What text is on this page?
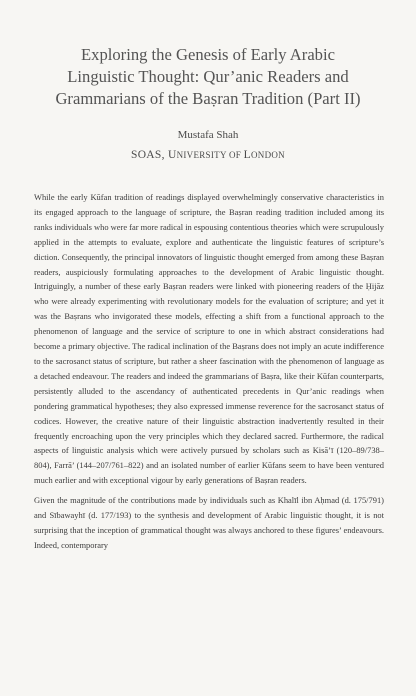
Exploring the Genesis of Early Arabic
Linguistic Thought: Qur’anic Readers and
Grammarians of the Baṣran Tradition (Part II)
Mustafa Shah
SOAS, UNIVERSITY OF LONDON

While the early Kūfan tradition of readings displayed overwhelmingly conservative characteristics in its engaged approach to the language of scripture, the Baṣran reading tradition included among its ranks individuals who were far more radical in espousing contentious theories which were scrupulously applied in the attempts to evaluate, explore and authenticate the linguistic features of scripture’s diction. Consequently, the principal innovators of linguistic thought emerged from among these Baṣran readers, auspiciously formulating approaches to the development of Arabic linguistic thought. Intriguingly, a number of these early Baṣran readers were linked with pioneering readers of the Ḥijāz who were already experimenting with revolutionary models for the evaluation of scripture; and yet it was the Baṣrans who invigorated these models, effecting a shift from a functional approach to the phenomenon of language and the service of scripture to one in which abstract considerations had become a primary objective. The radical inclination of the Baṣrans does not imply an acute indifference to the sacrosanct status of scripture, but rather a sheer fascination with the phenomenon of language as a detached endeavour. The readers and indeed the grammarians of Baṣra, like their Kūfan counterparts, persistently alluded to the ascendancy of authenticated precedents in Qur’anic readings when pondering grammatical hypotheses; they also expressed immense reverence for the sacrosanct status of codices. However, the creative nature of their linguistic abstraction inadvertently resulted in their frequently encroaching upon the very principles which they declared sacred. Furthermore, the radical aspects of linguistic analysis which were actively pursued by scholars such as Kisā’ī (120–89/738–804), Farrā’ (144–207/761–822) and an isolated number of earlier Kūfans seem to have been ventured much earlier and with exceptional vigour by early generations of Baṣran readers.

Given the magnitude of the contributions made by individuals such as Khalīl ibn Aḥmad (d. 175/791) and Sībawayhī (d. 177/193) to the synthesis and development of Arabic linguistic thought, it is not surprising that the inception of grammatical thought was always anchored to these figures’ endeavours. Indeed, contemporary
